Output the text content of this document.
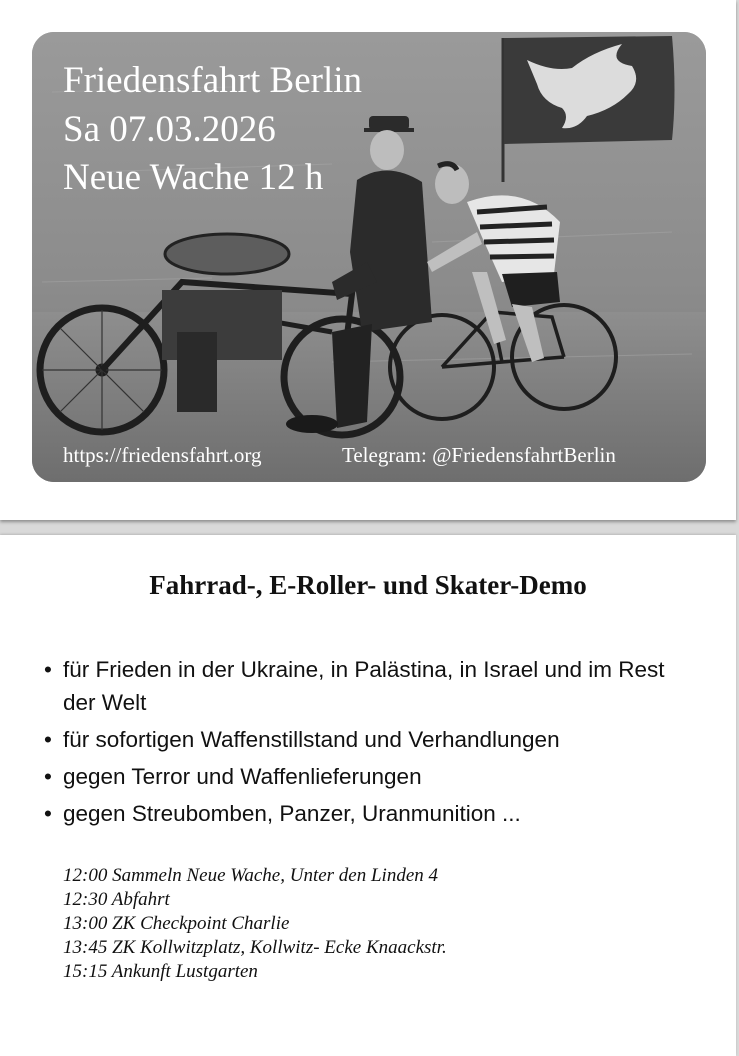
Friedensfahrt Berlin
Sa 07.03.2026
Neue Wache 12 h
https://friedensfahrt.org	Telegram: @FriedensfahrtBerlin
Fahrrad-, E-Roller- und Skater-Demo
• für Frieden in der Ukraine, in Palästina, in Israel und im Rest der Welt
• für sofortigen Waffenstillstand und Verhandlungen
• gegen Terror und Waffenlieferungen
• gegen Streubomben, Panzer, Uranmunition ...
12:00 Sammeln Neue Wache, Unter den Linden 4
12:30 Abfahrt
13:00 ZK Checkpoint Charlie
13:45 ZK Kollwitzplatz, Kollwitz- Ecke Knaackstr.
15:15 Ankunft Lustgarten
